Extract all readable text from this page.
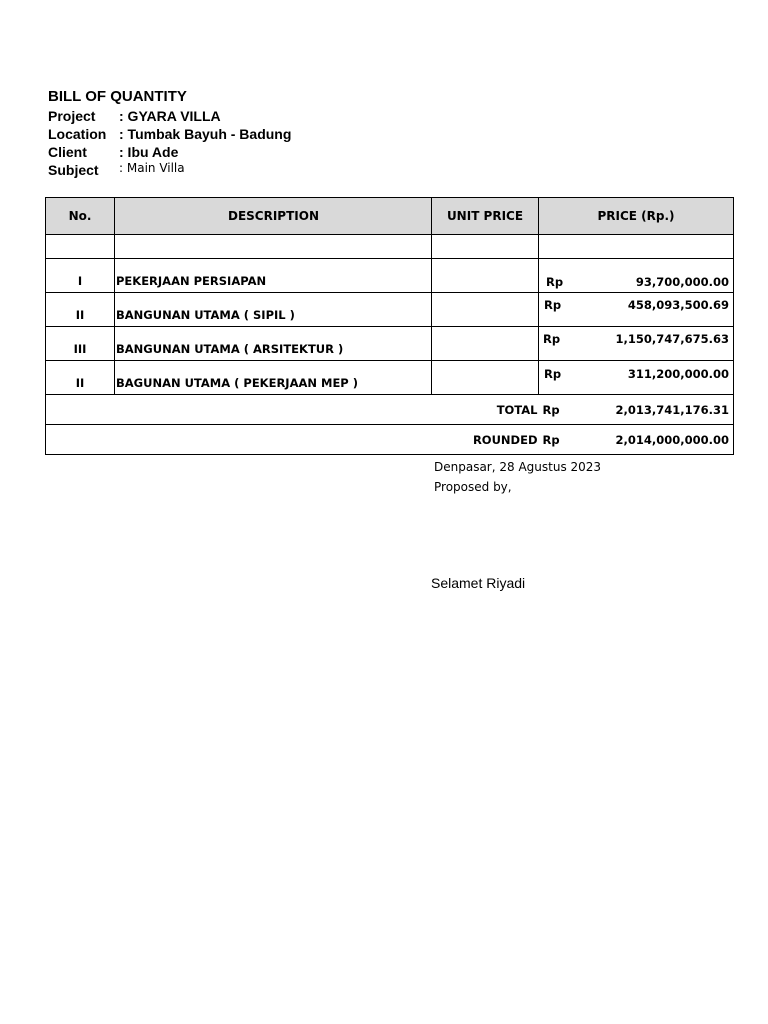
BILL OF QUANTITY
Project	: GYARA VILLA
Location : Tumbak Bayuh - Badung
Client	: Ibu Ade
Subject	: Main Villa
No.	DESCRIPTION	UNIT PRICE	PRICE (Rp.)

I	PEKERJAAN PERSIAPAN		Rp 93,700,000.00

II	BANGUNAN UTAMA ( SIPIL )		Rp 458,093,500.69

III	BANGUNAN UTAMA ( ARSITEKTUR )		Rp 1,150,747,675.63

II	BAGUNAN UTAMA ( PEKERJAAN MEP )		Rp 311,200,000.00

TOTAL			Rp 2,013,741,176.31

ROUNDED			Rp 2,014,000,000.00
Denpasar, 28 Agustus 2023
Proposed by,
Selamet Riyadi
